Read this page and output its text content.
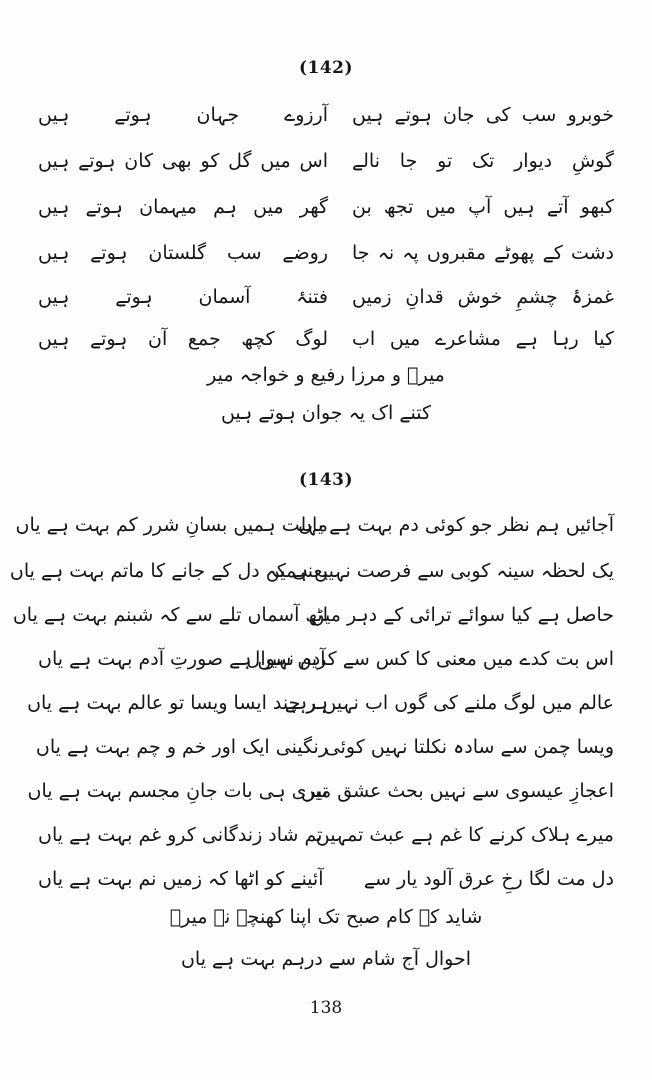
(142)
خوبرو سب کی جان ہوتے ہیں
آرزوے جہان ہوتے ہیں
گوشِ دیوار تک تو جا نالے
اس میں گل کو بھی کان ہوتے ہیں
کبھو آتے ہیں آپ میں تجھ بن
گھر میں ہم میہمان ہوتے ہیں
دشت کے پھوٹے مقبروں پہ نہ جا
روضے سب گلستان ہوتے ہیں
غمزۂ چشمِ خوش قدانِ زمیں
فتنۂ آسمان ہوتے ہیں
کیا رہا ہے مشاعرے میں اب
لوگ کچھ جمع آن ہوتے ہیں
میرؔ و مرزا رفیع و خواجہ میر
کتنے اک یہ جوان ہوتے ہیں
(143)
آجائیں ہم نظر جو کوئی دم بہت ہے یاں
مہلت ہمیں بسانِ شرر کم بہت ہے یاں
یک لحظہ سینہ کوبی سے فرصت نہیں ہمیں
یعنی کہ دل کے جانے کا ماتم بہت ہے یاں
حاصل ہے کیا سوائے ترائی کے دہر میں
اٹھ آسماں تلے سے کہ شبنم بہت ہے یاں
اس بت کدے میں معنی کا کس سے کریں سوال
آدم نہیں ہے صورتِ آدم بہت ہے یاں
عالم میں لوگ ملنے کی گوں اب نہیں رہے
ہر چند ایسا ویسا تو عالم بہت ہے یاں
ویسا چمن سے سادہ نکلتا نہیں کوئی
رنگینی ایک اور خم و چم بہت ہے یاں
اعجازِ عیسوی سے نہیں بحث عشق میں
تیری ہی بات جانِ مجسم بہت ہے یاں
میرے ہلاک کرنے کا غم ہے عبث تمہیں
تم شاد زندگانی کرو غم بہت ہے یاں
دل مت لگا رخِ عرق آلود یار سے
آئینے کو اٹھا کہ زمیں نم بہت ہے یاں
شاید کہ کام صبح تک اپنا کھنچے نہ میرؔ
احوال آج شام سے درہم بہت ہے یاں
138
